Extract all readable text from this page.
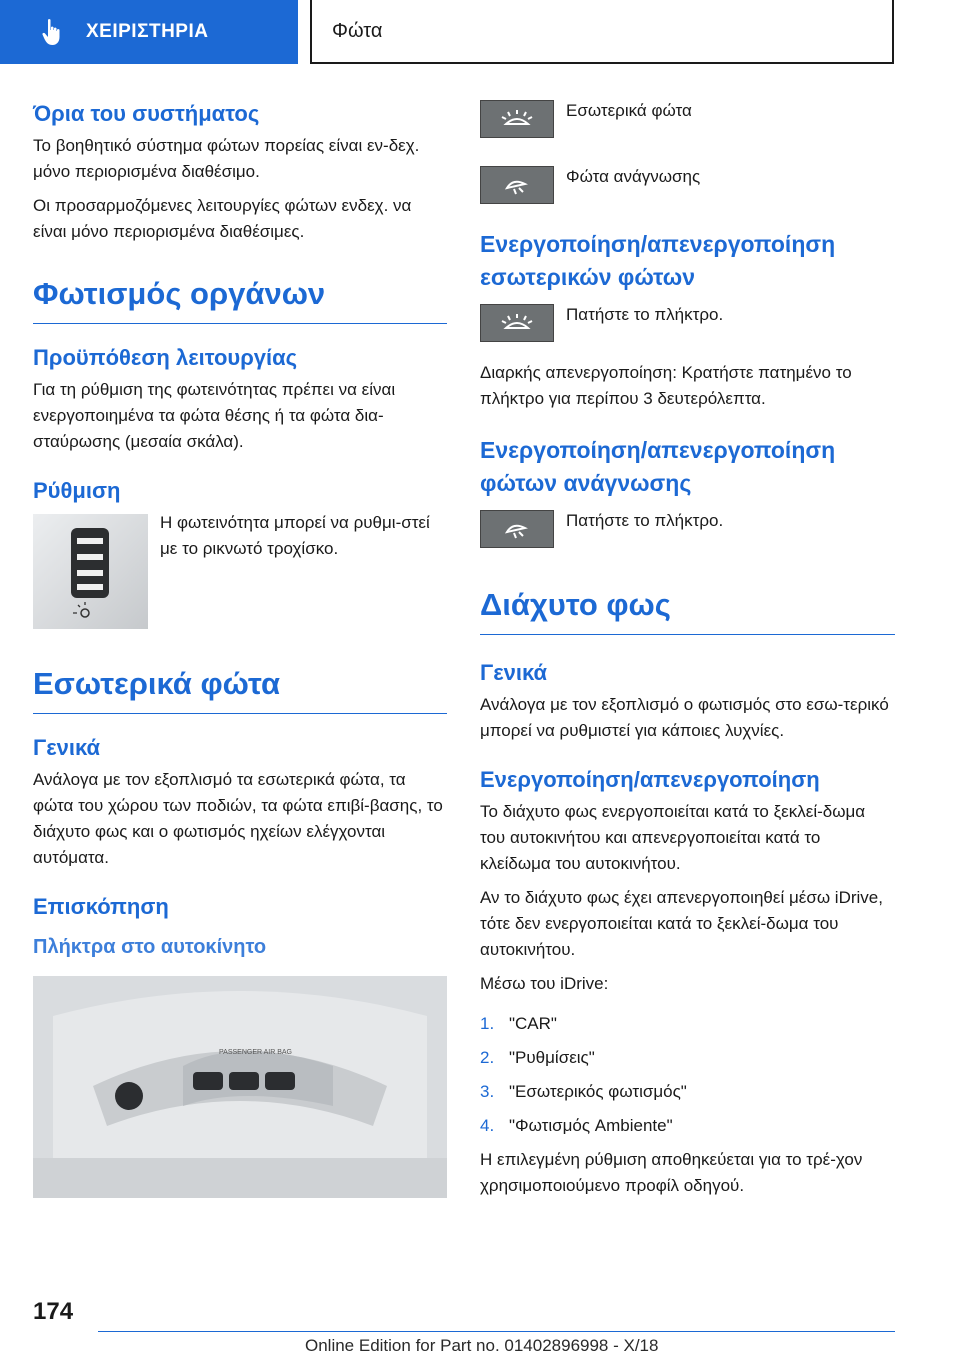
ΧΕΙΡΙΣΤΗΡΙΑ	Φώτα
Όρια του συστήματος

Το βοηθητικό σύστημα φώτων πορείας είναι εν-δεχ. μόνο περιορισμένα διαθέσιμο.

Οι προσαρμοζόμενες λειτουργίες φώτων ενδεχ. να είναι μόνο περιορισμένα διαθέσιμες.

Φωτισμός οργάνων
Προϋπόθεση λειτουργίας

Για τη ρύθμιση της φωτεινότητας πρέπει να είναι ενεργοποιημένα τα φώτα θέσης ή τα φώτα δια-σταύρωσης (μεσαία σκάλα).

Ρύθμιση

Η φωτεινότητα μπορεί να ρυθμι-στεί με το ρικνωτό τροχίσκο.

Εσωτερικά φώτα
Γενικά

Ανάλογα με τον εξοπλισμό τα εσωτερικά φώτα, τα φώτα του χώρου των ποδιών, τα φώτα επιβί-βασης, το διάχυτο φως και ο φωτισμός ηχείων ελέγχονται αυτόματα.

Επισκόπηση
Πλήκτρα στο αυτοκίνητο
PASSENGER AIR BAG
Εσωτερικά φώτα
Φώτα ανάγνωσης
Ενεργοποίηση/απενεργοποίηση εσωτερικών φώτων
Πατήστε το πλήκτρο.

Διαρκής απενεργοποίηση: Κρατήστε πατημένο το πλήκτρο για περίπου 3 δευτερόλεπτα.

Ενεργοποίηση/απενεργοποίηση φώτων ανάγνωσης
Πατήστε το πλήκτρο.
Διάχυτο φως
Γενικά

Ανάλογα με τον εξοπλισμό ο φωτισμός στο εσω-τερικό μπορεί να ρυθμιστεί για κάποιες λυχνίες.

Ενεργοποίηση/απενεργοποίηση

Το διάχυτο φως ενεργοποιείται κατά το ξεκλεί-δωμα του αυτοκινήτου και απενεργοποιείται κατά το κλείδωμα του αυτοκινήτου.

Αν το διάχυτο φως έχει απενεργοποιηθεί μέσω iDrive, τότε δεν ενεργοποιείται κατά το ξεκλεί-δωμα του αυτοκινήτου.

Μέσω του iDrive:

1. "CAR"
2. "Ρυθμίσεις"
3. "Εσωτερικός φωτισμός"
4. "Φωτισμός Ambiente"

Η επιλεγμένη ρύθμιση αποθηκεύεται για το τρέ-χον χρησιμοποιούμενο προφίλ οδηγού.

174
Online Edition for Part no. 01402896998 - X/18
